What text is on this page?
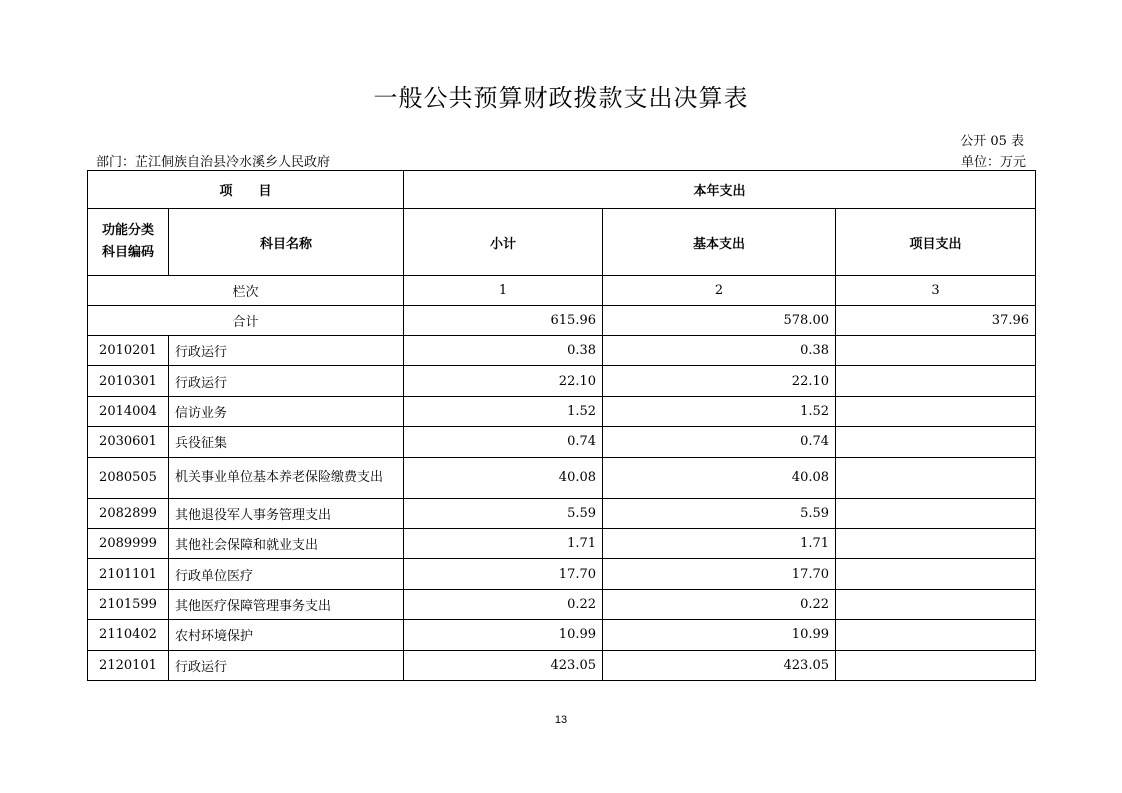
一般公共预算财政拨款支出决算表
公开 05 表
部门：芷江侗族自治县冷水溪乡人民政府	单位：万元
项　　目		本年支出		
功能分类科目编码	科目名称	小计	基本支出	项目支出
栏次		1	2	3
合计		615.96	578.00	37.96
2010201	行政运行	0.38	0.38	
2010301	行政运行	22.10	22.10	
2014004	信访业务	1.52	1.52	
2030601	兵役征集	0.74	0.74	
2080505	机关事业单位基本养老保险缴费支出	40.08	40.08	
2082899	其他退役军人事务管理支出	5.59	5.59	
2089999	其他社会保障和就业支出	1.71	1.71	
2101101	行政单位医疗	17.70	17.70	
2101599	其他医疗保障管理事务支出	0.22	0.22	
2110402	农村环境保护	10.99	10.99	
2120101	行政运行	423.05	423.05	
13
